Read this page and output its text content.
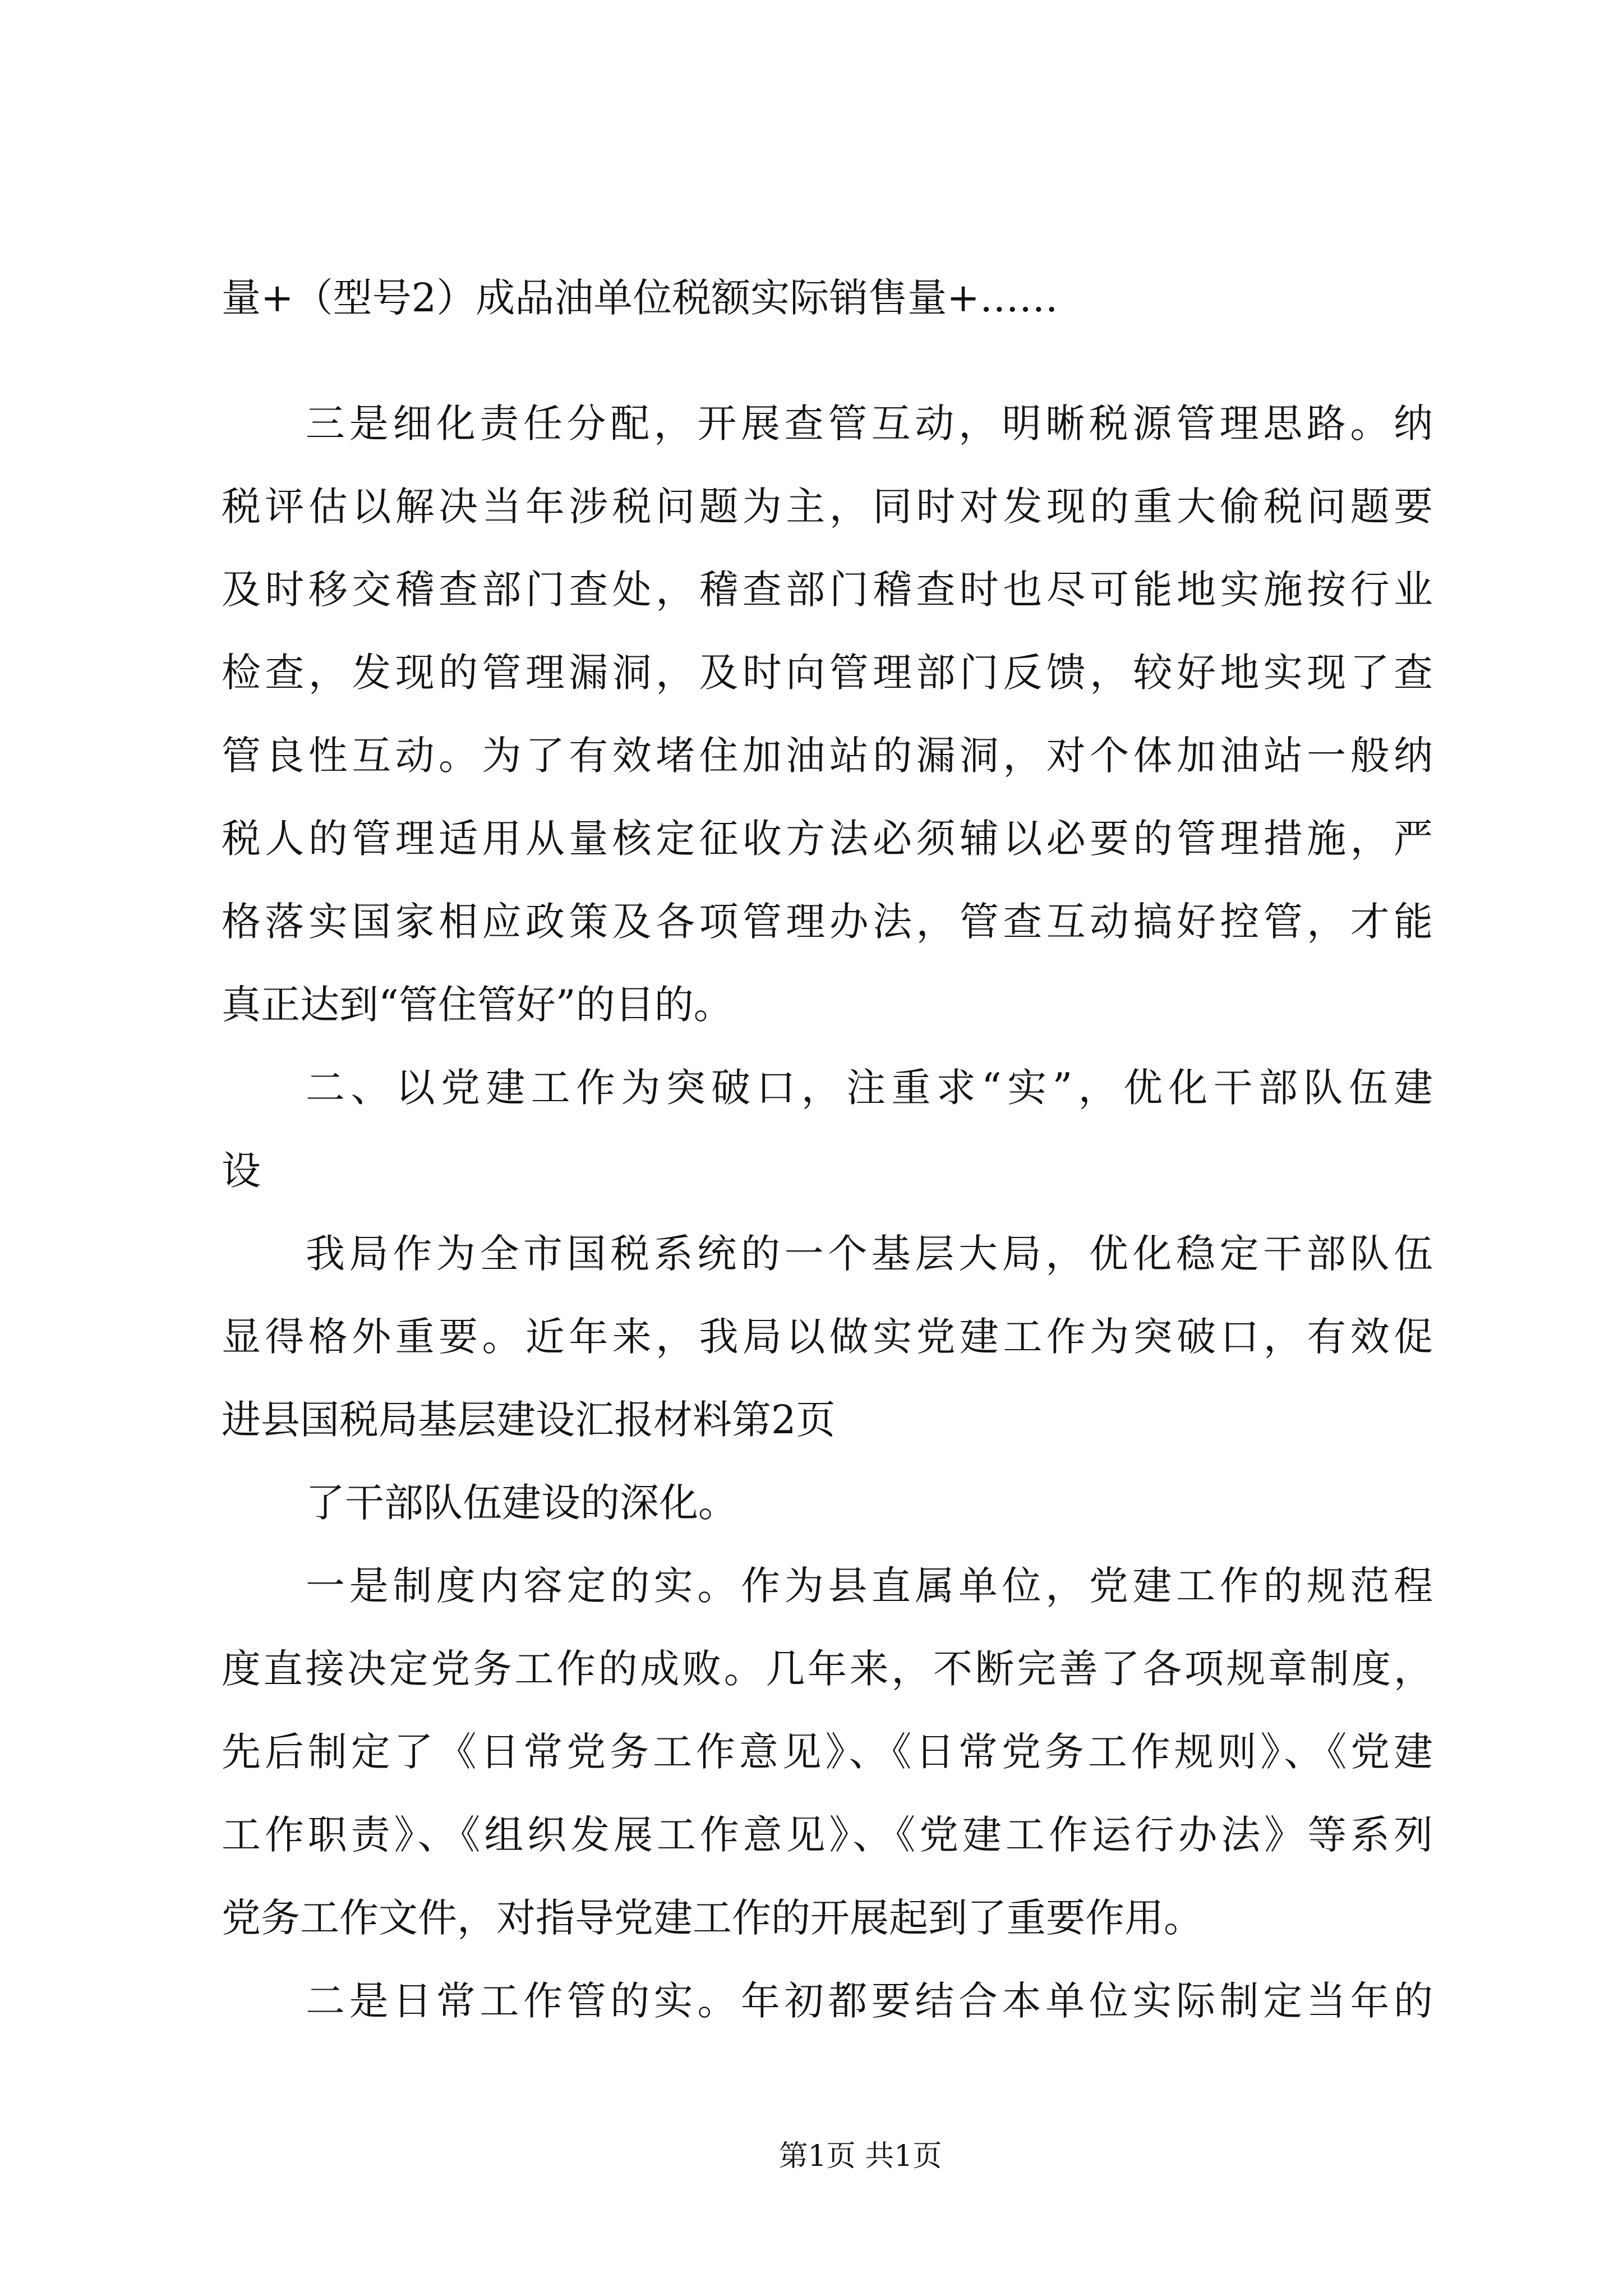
量+（型号2）成品油单位税额实际销售量+……
三是细化责任分配，开展查管互动，明晰税源管理思路。纳
税评估以解决当年涉税问题为主，同时对发现的重大偷税问题要
及时移交稽查部门查处，稽查部门稽查时也尽可能地实施按行业
检查，发现的管理漏洞，及时向管理部门反馈，较好地实现了查
管良性互动。为了有效堵住加油站的漏洞，对个体加油站一般纳
税人的管理适用从量核定征收方法必须辅以必要的管理措施，严
格落实国家相应政策及各项管理办法，管查互动搞好控管，才能
真正达到“管住管好”的目的。
二、以党建工作为突破口，注重求“实”，优化干部队伍建
设
我局作为全市国税系统的一个基层大局，优化稳定干部队伍
显得格外重要。近年来，我局以做实党建工作为突破口，有效促
进县国税局基层建设汇报材料第2页
了干部队伍建设的深化。
一是制度内容定的实。作为县直属单位，党建工作的规范程
度直接决定党务工作的成败。几年来，不断完善了各项规章制度，
先后制定了《日常党务工作意见》、《日常党务工作规则》、《党建
工作职责》、《组织发展工作意见》、《党建工作运行办法》等系列
党务工作文件，对指导党建工作的开展起到了重要作用。
二是日常工作管的实。年初都要结合本单位实际制定当年的
第1页 共1页
